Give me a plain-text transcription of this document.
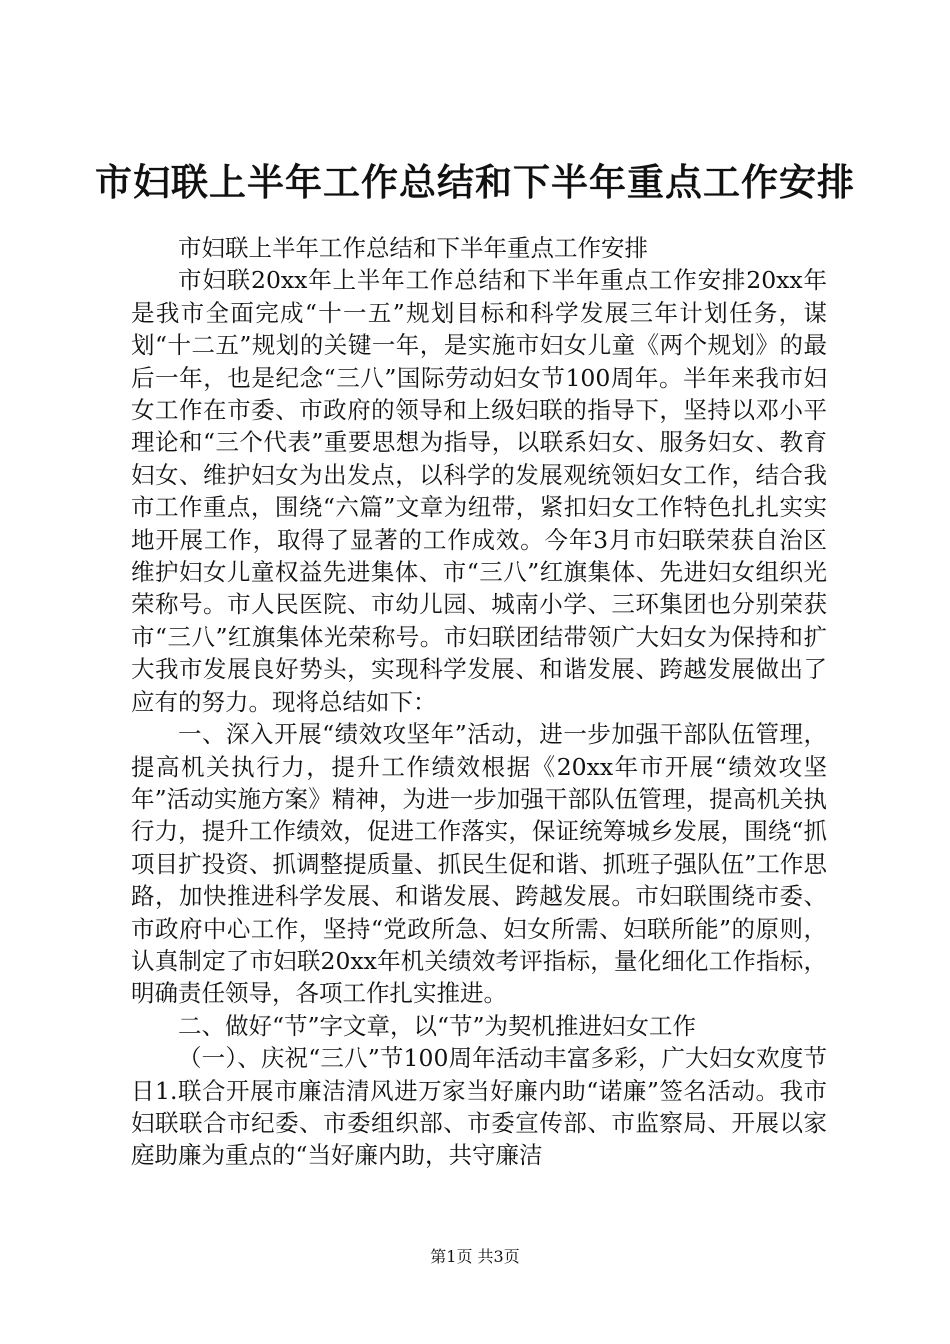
市妇联上半年工作总结和下半年重点工作安排

市妇联上半年工作总结和下半年重点工作安排

市妇联20xx年上半年工作总结和下半年重点工作安排20xx年是我市全面完成“十一五”规划目标和科学发展三年计划任务，谋划“十二五”规划的关键一年，是实施市妇女儿童《两个规划》的最后一年，也是纪念“三八”国际劳动妇女节100周年。半年来我市妇女工作在市委、市政府的领导和上级妇联的指导下，坚持以邓小平理论和“三个代表”重要思想为指导，以联系妇女、服务妇女、教育妇女、维护妇女为出发点，以科学的发展观统领妇女工作，结合我市工作重点，围绕“六篇”文章为纽带，紧扣妇女工作特色扎扎实实地开展工作，取得了显著的工作成效。今年3月市妇联荣获自治区维护妇女儿童权益先进集体、市“三八”红旗集体、先进妇女组织光荣称号。市人民医院、市幼儿园、城南小学、三环集团也分别荣获市“三八”红旗集体光荣称号。市妇联团结带领广大妇女为保持和扩大我市发展良好势头，实现科学发展、和谐发展、跨越发展做出了应有的努力。现将总结如下：

一、深入开展“绩效攻坚年”活动，进一步加强干部队伍管理，提高机关执行力，提升工作绩效根据《20xx年市开展“绩效攻坚年”活动实施方案》精神，为进一步加强干部队伍管理，提高机关执行力，提升工作绩效，促进工作落实，保证统筹城乡发展，围绕“抓项目扩投资、抓调整提质量、抓民生促和谐、抓班子强队伍”工作思路，加快推进科学发展、和谐发展、跨越发展。市妇联围绕市委、市政府中心工作，坚持“党政所急、妇女所需、妇联所能”的原则，认真制定了市妇联20xx年机关绩效考评指标，量化细化工作指标，明确责任领导，各项工作扎实推进。

二、做好“节”字文章，以“节”为契机推进妇女工作

（一）、庆祝“三八”节100周年活动丰富多彩，广大妇女欢度节日1.联合开展市廉洁清风进万家当好廉内助“诺廉”签名活动。我市妇联联合市纪委、市委组织部、市委宣传部、市监察局、开展以家庭助廉为重点的“当好廉内助，共守廉洁

第1页 共3页
